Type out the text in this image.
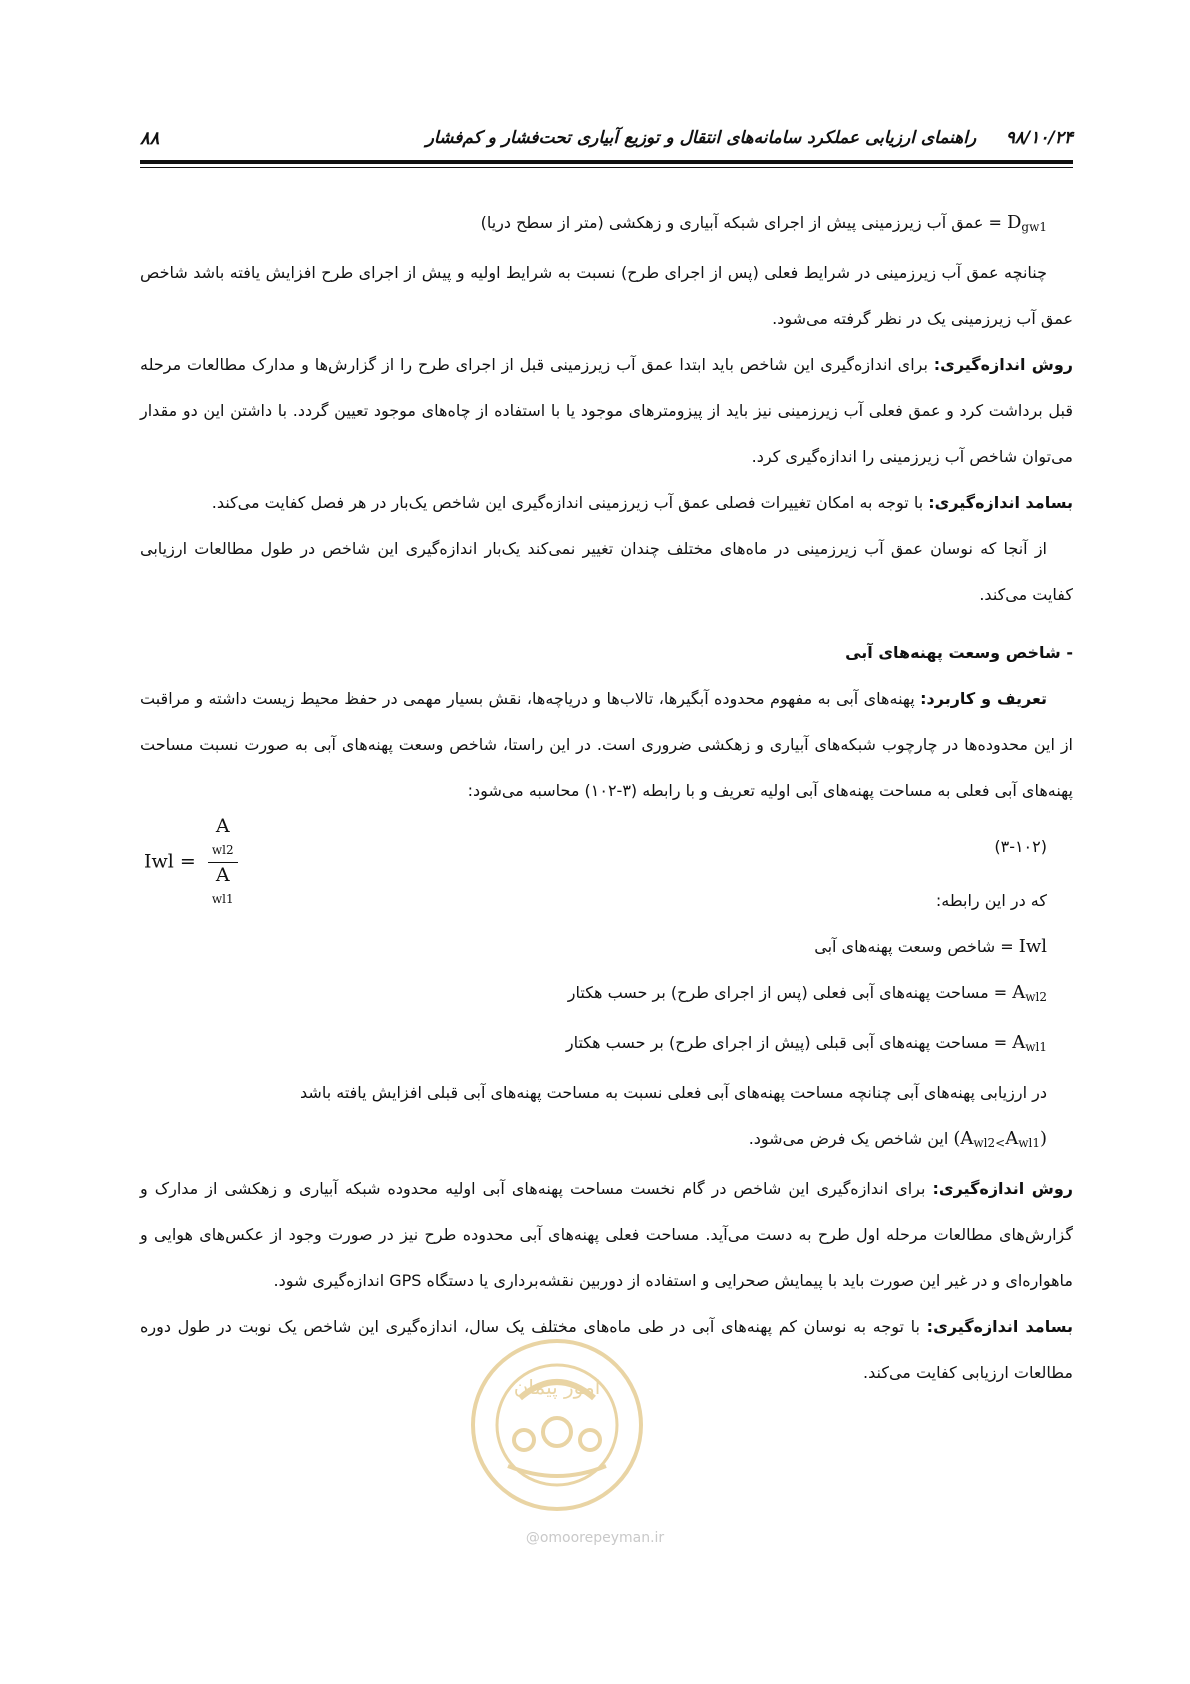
۹۸/۱۰/۲۴     راهنمای ارزیابی عملکرد سامانه‌های انتقال و توزیع آبیاری تحت‌فشار و کم‌فشار
۸۸

$D_{gw1}$ = عمق آب زیرزمینی پیش از اجرای شبکه آبیاری و زهکشی (متر از سطح دریا)

چنانچه عمق آب زیرزمینی در شرایط فعلی (پس از اجرای طرح) نسبت به شرایط اولیه و پیش از اجرای طرح افزایش یافته باشد شاخص عمق آب زیرزمینی یک در نظر گرفته می‌شود.

روش اندازه‌گیری: برای اندازه‌گیری این شاخص باید ابتدا عمق آب زیرزمینی قبل از اجرای طرح را از گزارش‌ها و مدارک مطالعات مرحله قبل برداشت کرد و عمق فعلی آب زیرزمینی نیز باید از پیزومترهای موجود یا با استفاده از چاه‌های موجود تعیین گردد. با داشتن این دو مقدار می‌توان شاخص آب زیرزمینی را اندازه‌گیری کرد.

بسامد اندازه‌گیری: با توجه به امکان تغییرات فصلی عمق آب زیرزمینی اندازه‌گیری این شاخص یک‌بار در هر فصل کفایت می‌کند.

از آنجا که نوسان عمق آب زیرزمینی در ماه‌های مختلف چندان تغییر نمی‌کند یک‌بار اندازه‌گیری این شاخص در طول مطالعات ارزیابی کفایت می‌کند.

- شاخص وسعت پهنه‌های آبی

تعریف و کاربرد: پهنه‌های آبی به مفهوم محدوده آبگیرها، تالاب‌ها و دریاچه‌ها، نقش بسیار مهمی در حفظ محیط زیست داشته و مراقبت از این محدوده‌ها در چارچوب شبکه‌های آبیاری و زهکشی ضروری است. در این راستا، شاخص وسعت پهنه‌های آبی به صورت نسبت مساحت پهنه‌های آبی فعلی به مساحت پهنه‌های آبی اولیه تعریف و با رابطه (۳-۱۰۲) محاسبه می‌شود:

Iwl = A
wl2
A
wl1	(۳-۱۰۲)

که در این رابطه:

Iwl = شاخص وسعت پهنه‌های آبی

$A_{wl2}$ = مساحت پهنه‌های آبی فعلی (پس از اجرای طرح) بر حسب هکتار

$A_{wl1}$ = مساحت پهنه‌های آبی قبلی (پیش از اجرای طرح) بر حسب هکتار

در ارزیابی پهنه‌های آبی چنانچه مساحت پهنه‌های آبی فعلی نسبت به مساحت پهنه‌های آبی قبلی افزایش یافته باشد

$(A_{wl2<}A_{wl1})$ این شاخص یک فرض می‌شود.

روش اندازه‌گیری: برای اندازه‌گیری این شاخص در گام نخست مساحت پهنه‌های آبی اولیه محدوده شبکه آبیاری و زهکشی از مدارک و گزارش‌های مطالعات مرحله اول طرح به دست می‌آید. مساحت فعلی پهنه‌های آبی محدوده طرح نیز در صورت وجود از عکس‌های هوایی و ماهواره‌ای و در غیر این صورت باید با پیمایش صحرایی و استفاده از دوربین نقشه‌برداری یا دستگاه GPS اندازه‌گیری شود.

بسامد اندازه‌گیری: با توجه به نوسان کم پهنه‌های آبی در طی ماه‌های مختلف یک سال، اندازه‌گیری این شاخص یک نوبت در طول دوره مطالعات ارزیابی کفایت می‌کند.

امور پیمان
@omoorepeyman.ir
